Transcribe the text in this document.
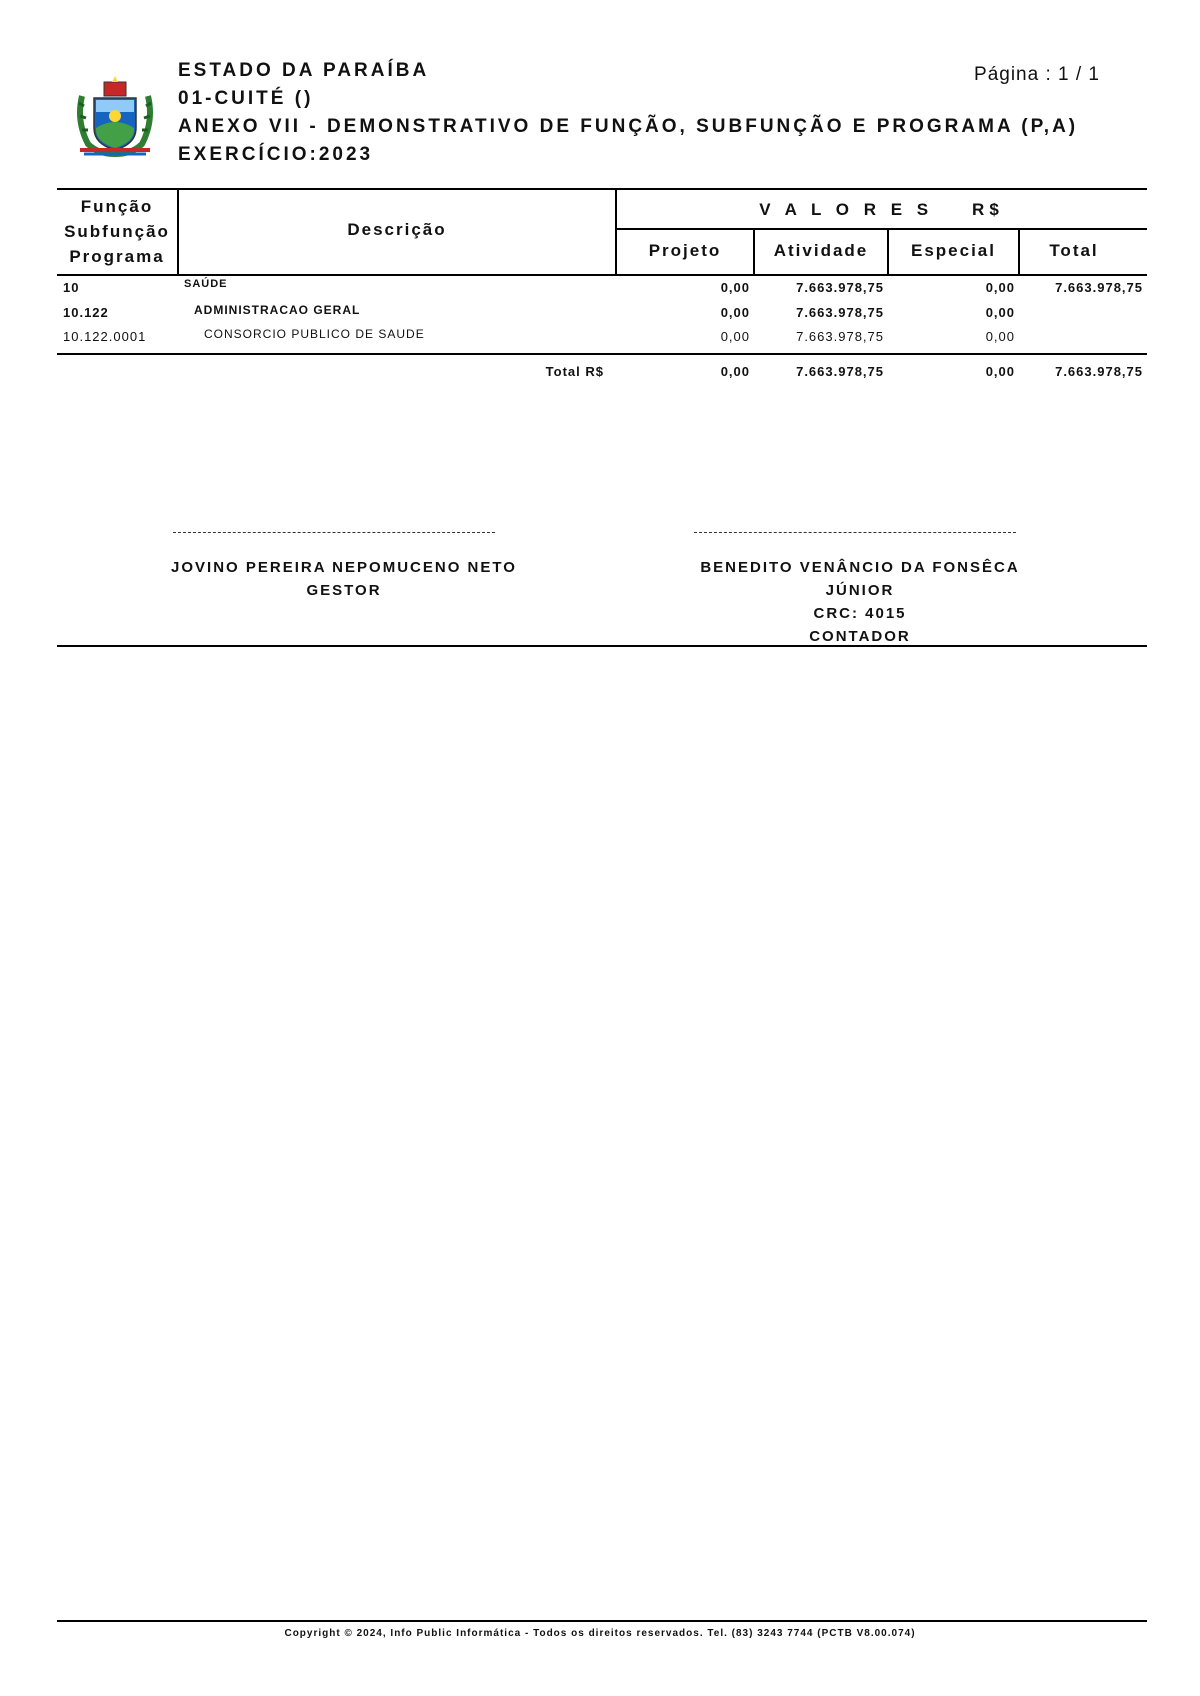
ESTADO DA PARAÍBA
01-CUITÉ ()
ANEXO VII - DEMONSTRATIVO DE FUNÇÃO, SUBFUNÇÃO E PROGRAMA (P,A)
EXERCÍCIO:2023
Página : 1 / 1
Função
Subfunção
Programa
Descrição
V A L O R E S    R$
Projeto	Atividade	Especial	Total
10	SAÚDE	0,00	7.663.978,75	0,00	7.663.978,75
10.122	ADMINISTRACAO GERAL	0,00	7.663.978,75	0,00
10.122.0001	CONSORCIO PUBLICO DE SAUDE	0,00	7.663.978,75	0,00
Total R$	0,00	7.663.978,75	0,00	7.663.978,75
JOVINO PEREIRA NEPOMUCENO NETO
GESTOR
BENEDITO VENÂNCIO DA FONSÊCA JÚNIOR
CRC: 4015
CONTADOR
Copyright © 2024, Info Public Informática - Todos os direitos reservados. Tel. (83) 3243 7744 (PCTB V8.00.074)
